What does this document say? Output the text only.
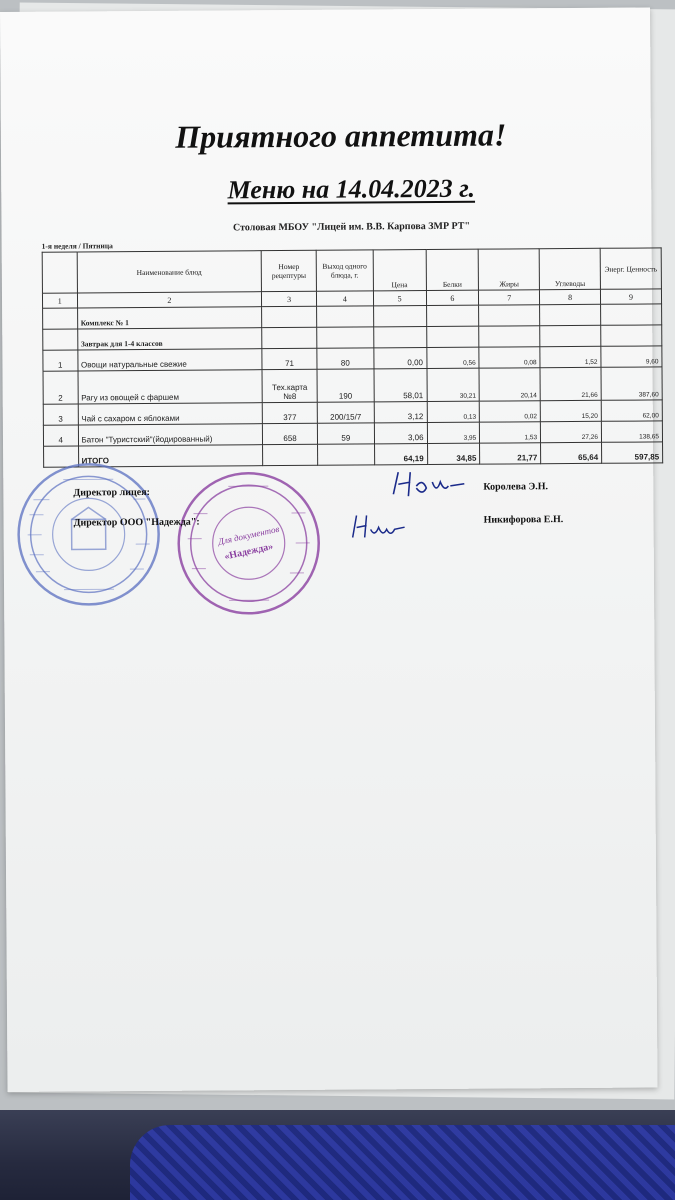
Приятного аппетита!
Меню на 14.04.2023 г.
Столовая МБОУ "Лицей им. В.В. Карпова ЗМР РТ"
1-я неделя / Пятница
	Наименование блюд	Номер рецептуры	Выход одного блюда, г.	Цена	Белки	Жиры	Углеводы	Энерг. Ценность
1	2	3	4	5	6	7	8	9
	Комплекс № 1							
	Завтрак для 1-4 классов							
1	Овощи натуральные свежие	71	80	0,00	0,56	0,08	1,52	9,60
2	Рагу из овощей с фаршем	Тех.карта №8	190	58,01	30,21	20,14	21,66	387,60
3	Чай с сахаром с яблоками	377	200/15/7	3,12	0,13	0,02	15,20	62,00
4	Батон "Туристский"(йодированный)	658	59	3,06	3,95	1,53	27,26	138,65
	ИТОГО			64,19	34,85	21,77	65,64	597,85
Для документов
«Надежда»
Директор лицея:
Директор ООО "Надежда":
Королева Э.Н.
Никифорова Е.Н.
